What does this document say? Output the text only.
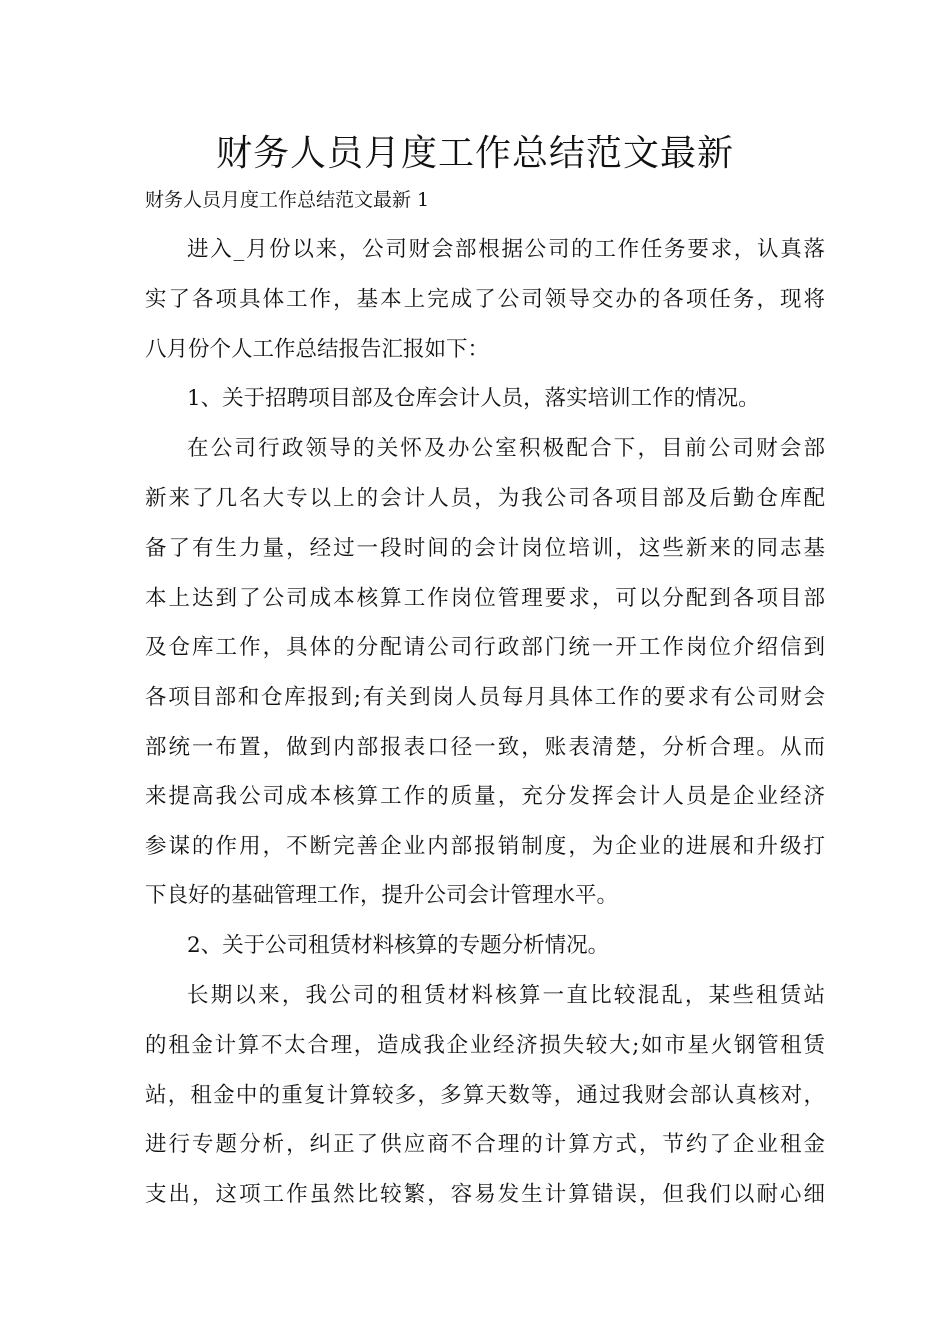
财务人员月度工作总结范文最新

财务人员月度工作总结范文最新 1

进入_月份以来，公司财会部根据公司的工作任务要求，认真落

实了各项具体工作，基本上完成了公司领导交办的各项任务，现将

八月份个人工作总结报告汇报如下：

1、关于招聘项目部及仓库会计人员，落实培训工作的情况。

在公司行政领导的关怀及办公室积极配合下，目前公司财会部

新来了几名大专以上的会计人员，为我公司各项目部及后勤仓库配

备了有生力量，经过一段时间的会计岗位培训，这些新来的同志基

本上达到了公司成本核算工作岗位管理要求，可以分配到各项目部

及仓库工作，具体的分配请公司行政部门统一开工作岗位介绍信到

各项目部和仓库报到;有关到岗人员每月具体工作的要求有公司财会

部统一布置，做到内部报表口径一致，账表清楚，分析合理。从而

来提高我公司成本核算工作的质量，充分发挥会计人员是企业经济

参谋的作用，不断完善企业内部报销制度，为企业的进展和升级打

下良好的基础管理工作，提升公司会计管理水平。

2、关于公司租赁材料核算的专题分析情况。

长期以来，我公司的租赁材料核算一直比较混乱，某些租赁站

的租金计算不太合理，造成我企业经济损失较大;如市星火钢管租赁

站，租金中的重复计算较多，多算天数等，通过我财会部认真核对，

进行专题分析，纠正了供应商不合理的计算方式，节约了企业租金

支出，这项工作虽然比较繁，容易发生计算错误，但我们以耐心细
